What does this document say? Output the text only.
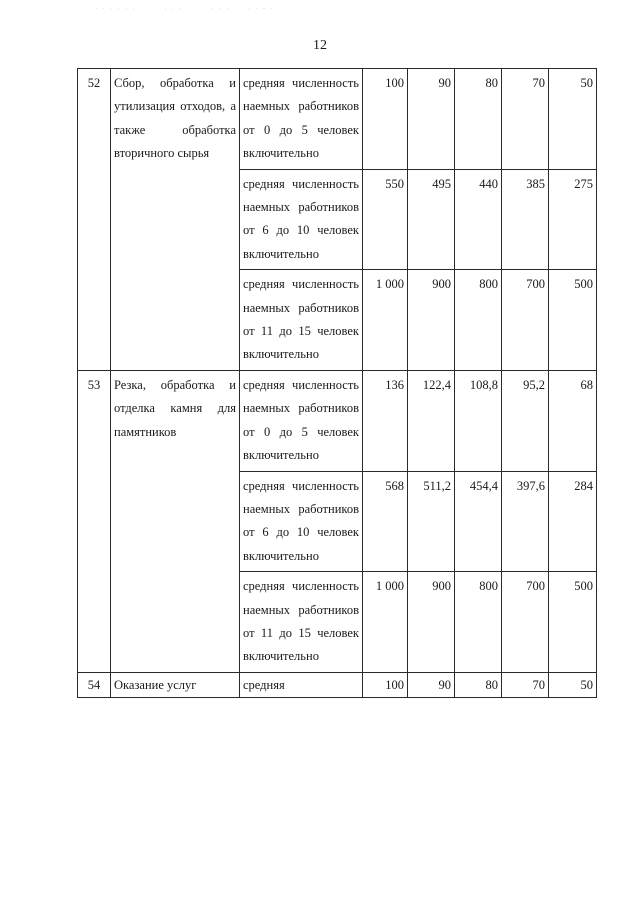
· · · · · ·        · · ·        · · ·     · · · ·
12
52	Сбор, обработка и утилизация отходов, а также обработка вторичного сырья	средняя численность наемных работников от 0 до 5 человек включительно	100	90	80	70	50
		средняя численность наемных работников от 6 до 10 человек включительно	550	495	440	385	275
		средняя численность наемных работников от 11 до 15 человек включительно	1 000	900	800	700	500
53	Резка, обработка и отделка камня для памятников	средняя численность наемных работников от 0 до 5 человек включительно	136	122,4	108,8	95,2	68
		средняя численность наемных работников от 6 до 10 человек включительно	568	511,2	454,4	397,6	284
		средняя численность наемных работников от 11 до 15 человек включительно	1 000	900	800	700	500
54	Оказание услуг	средняя	100	90	80	70	50
